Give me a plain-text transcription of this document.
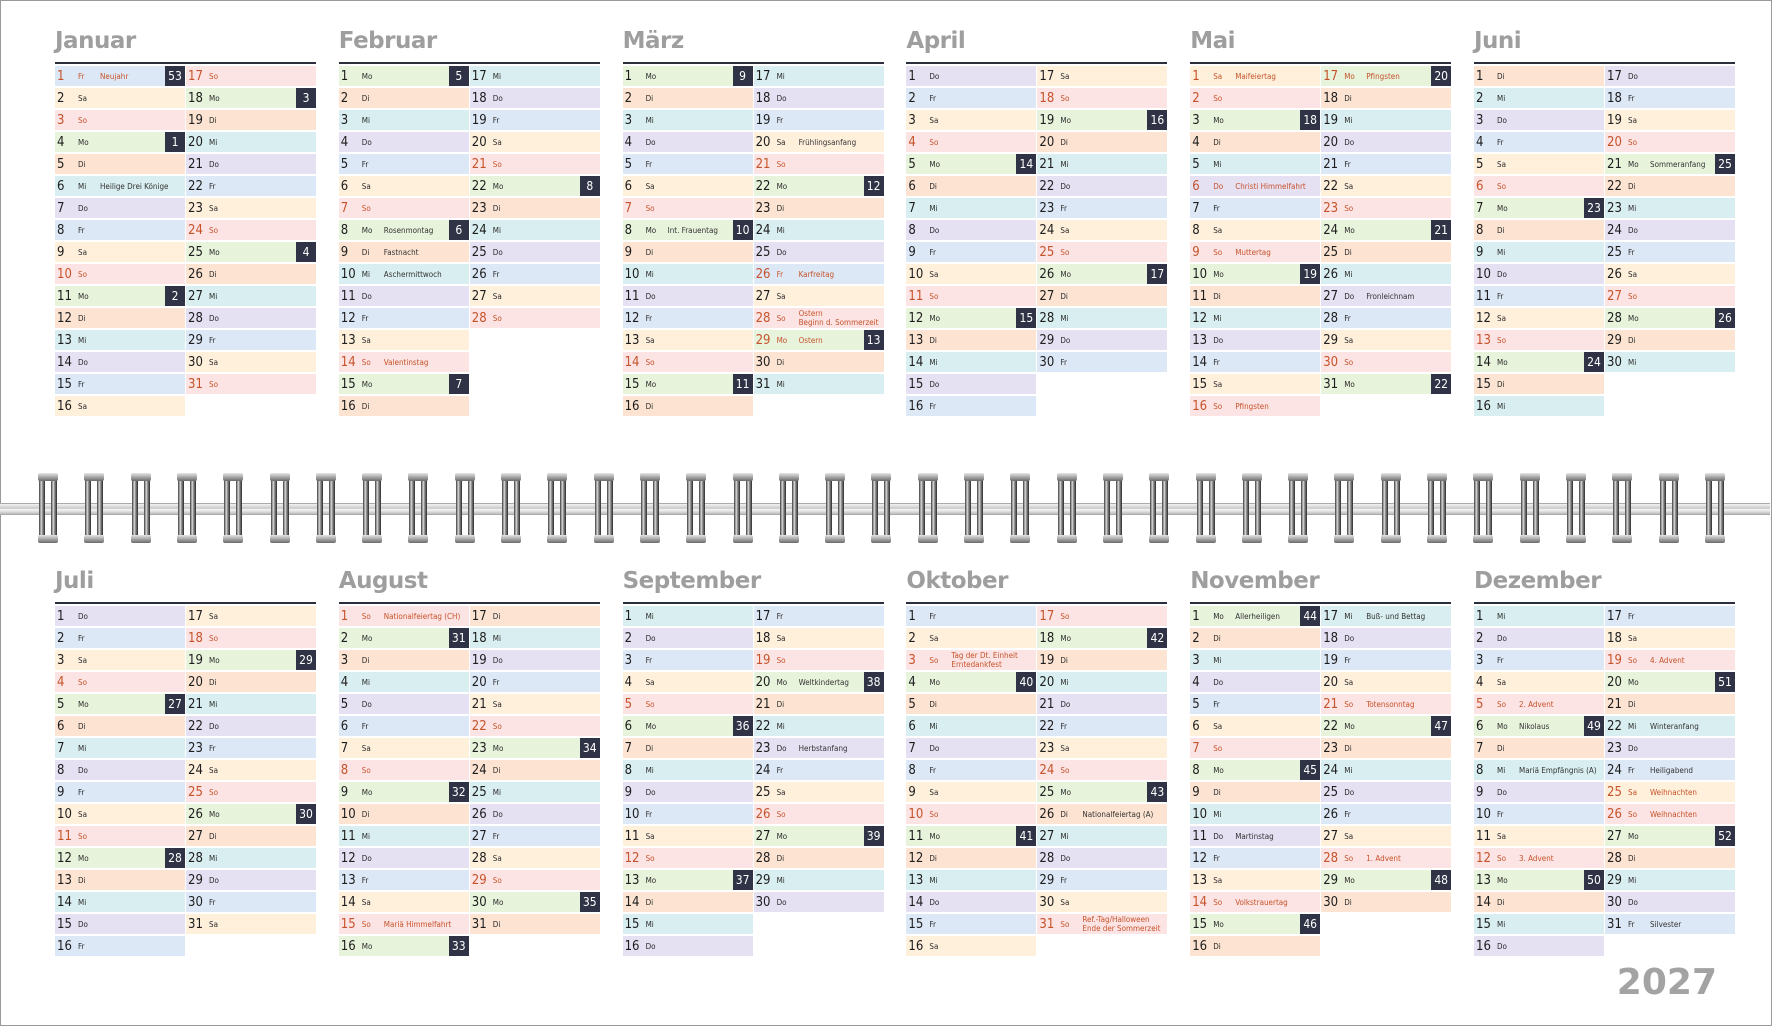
Januar
1	Fr	Neujahr	53
2	Sa
3	So
4	Mo	1
5	Di
6	Mi	Heilige Drei Könige
7	Do
8	Fr
9	Sa
10 So
11 Mo	2
12 Di
13 Mi
14 Do
15 Fr
16 Sa
17 So
18 Mo	3
19 Di
20 Mi
21 Do
22 Fr
23 Sa
24 So
25 Mo	4
26 Di
27 Mi
28 Do
29 Fr
30 Sa
31 So
Februar
1	Mo	5
2	Di
3	Mi
4	Do
5	Fr
6	Sa
7	So
8	Mo	Rosenmontag	6
9	Di	Fastnacht
10 Mi	Aschermittwoch
11 Do
12 Fr
13 Sa
14 So	Valentinstag
15 Mo	7
16 Di
17 Mi
18 Do
19 Fr
20 Sa
21 So
22 Mo	8
23 Di
24 Mi
25 Do
26 Fr
27 Sa
28 So
März
1	Mo	9
2	Di
3	Mi
4	Do
5	Fr
6	Sa
7	So
8	Mo	Int. Frauentag	10
9	Di
10 Mi
11 Do
12 Fr
13 Sa
14 So
15 Mo	11
16 Di
17 Mi
18 Do
19 Fr
20 Sa	Frühlingsanfang
21 So
22 Mo	12
23 Di
24 Mi
25 Do
26 Fr	Karfreitag
27 Sa
28 So	Ostern
Beginn d. Sommerzeit
29 Mo	Ostern	13
30 Di
31 Mi
April
1	Do
2	Fr
3	Sa
4	So
5	Mo	14
6	Di
7	Mi
8	Do
9	Fr
10 Sa
11 So
12 Mo	15
13 Di
14 Mi
15 Do
16 Fr
17 Sa
18 So
19 Mo	16
20 Di
21 Mi
22 Do
23 Fr
24 Sa
25 So
26 Mo	17
27 Di
28 Mi
29 Do
30 Fr
Mai
1	Sa	Maifeiertag
2	So
3	Mo	18
4	Di
5	Mi
6	Do	Christi Himmelfahrt
7	Fr
8	Sa
9	So	Muttertag
10 Mo	19
11 Di
12 Mi
13 Do
14 Fr
15 Sa
16 So	Pfingsten
17 Mo	Pfingsten	20
18 Di
19 Mi
20 Do
21 Fr
22 Sa
23 So
24 Mo	21
25 Di
26 Mi
27 Do	Fronleichnam
28 Fr
29 Sa
30 So
31 Mo	22
Juni
1	Di
2	Mi
3	Do
4	Fr
5	Sa
6	So
7	Mo	23
8	Di
9	Mi
10 Do
11 Fr
12 Sa
13 So
14 Mo	24
15 Di
16 Mi
17 Do
18 Fr
19 Sa
20 So
21 Mo	Sommeranfang	25
22 Di
23 Mi
24 Do
25 Fr
26 Sa
27 So
28 Mo	26
29 Di
30 Mi
Juli
1	Do
2	Fr
3	Sa
4	So
5	Mo	27
6	Di
7	Mi
8	Do
9	Fr
10 Sa
11 So
12 Mo	28
13 Di
14 Mi
15 Do
16 Fr
17 Sa
18 So
19 Mo	29
20 Di
21 Mi
22 Do
23 Fr
24 Sa
25 So
26 Mo	30
27 Di
28 Mi
29 Do
30 Fr
31 Sa
August
1	So	Nationalfeiertag (CH)
2	Mo	31
3	Di
4	Mi
5	Do
6	Fr
7	Sa
8	So
9	Mo	32
10 Di
11 Mi
12 Do
13 Fr
14 Sa
15 So	Mariä Himmelfahrt
16 Mo	33
17 Di
18 Mi
19 Do
20 Fr
21 Sa
22 So
23 Mo	34
24 Di
25 Mi
26 Do
27 Fr
28 Sa
29 So
30 Mo	35
31 Di
September
1	Mi
2	Do
3	Fr
4	Sa
5	So
6	Mo	36
7	Di
8	Mi
9	Do
10 Fr
11 Sa
12 So
13 Mo	37
14 Di
15 Mi
16 Do
17 Fr
18 Sa
19 So
20 Mo	Weltkindertag	38
21 Di
22 Mi
23 Do	Herbstanfang
24 Fr
25 Sa
26 So
27 Mo	39
28 Di
29 Mi
30 Do
Oktober
1	Fr
2	Sa
3	So	Tag der Dt. Einheit
Erntedankfest
4	Mo	40
5	Di
6	Mi
7	Do
8	Fr
9	Sa
10 So
11 Mo	41
12 Di
13 Mi
14 Do
15 Fr
16 Sa
17 So
18 Mo	42
19 Di
20 Mi
21 Do
22 Fr
23 Sa
24 So
25 Mo	43
26 Di	Nationalfeiertag (A)
27 Mi
28 Do
29 Fr
30 Sa
31 So	Ref.-Tag/Halloween
Ende der Sommerzeit
November
1	Mo	Allerheiligen	44
2	Di
3	Mi
4	Do
5	Fr
6	Sa
7	So
8	Mo	45
9	Di
10 Mi
11 Do	Martinstag
12 Fr
13 Sa
14 So	Volkstrauertag
15 Mo	46
16 Di
17 Mi	Buß- und Bettag
18 Do
19 Fr
20 Sa
21 So	Totensonntag
22 Mo	47
23 Di
24 Mi
25 Do
26 Fr
27 Sa
28 So	1. Advent
29 Mo	48
30 Di
Dezember
1	Mi
2	Do
3	Fr
4	Sa
5	So	2. Advent
6	Mo	Nikolaus	49
7	Di
8	Mi	Mariä Empfängnis (A)
9	Do
10 Fr
11 Sa
12 So	3. Advent
13 Mo	50
14 Di
15 Mi
16 Do
17 Fr
18 Sa
19 So	4. Advent
20 Mo	51
21 Di
22 Mi	Winteranfang
23 Do
24 Fr	Heiligabend
25 Sa	Weihnachten
26 So	Weihnachten
27 Mo	52
28 Di
29 Mi
30 Do
31 Fr	Silvester
2027
